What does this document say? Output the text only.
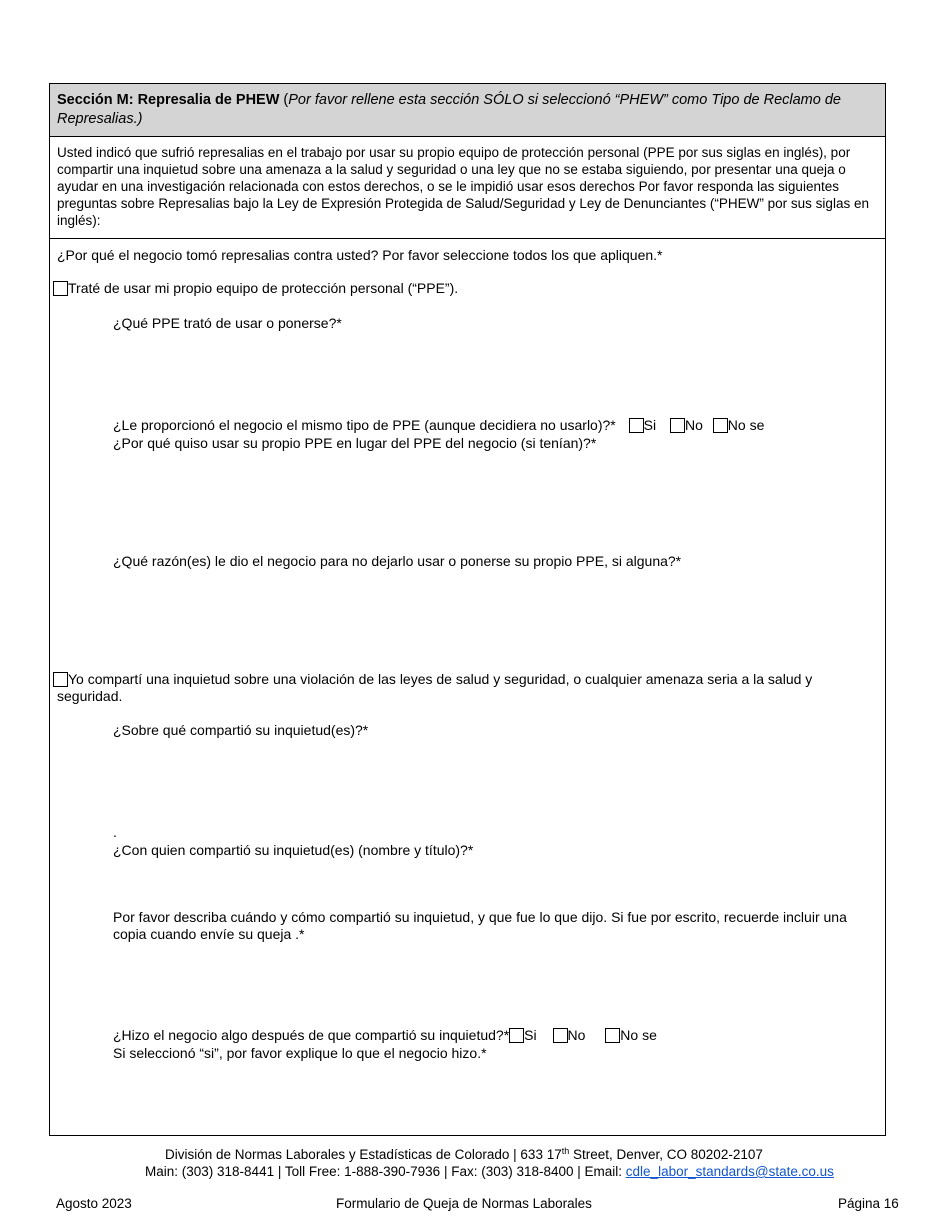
Sección M: Represalia de PHEW (Por favor rellene esta sección SÓLO si seleccionó “PHEW” como Tipo de Reclamo de Represalias.)
Usted indicó que sufrió represalias en el trabajo por usar su propio equipo de protección personal (PPE por sus siglas en inglés), por compartir una inquietud sobre una amenaza a la salud y seguridad o una ley que no se estaba siguiendo, por presentar una queja o ayudar en una investigación relacionada con estos derechos, o se le impidió usar esos derechos Por favor responda las siguientes preguntas sobre Represalias bajo la Ley de Expresión Protegida de Salud/Seguridad y Ley de Denunciantes (“PHEW” por sus siglas en inglés):
¿Por qué el negocio tomó represalias contra usted? Por favor seleccione todos los que apliquen.*
Traté de usar mi propio equipo de protección personal (“PPE”).
¿Qué PPE trató de usar o ponerse?*
¿Le proporcionó el negocio el mismo tipo de PPE (aunque decidiera no usarlo)?* Si No No se
¿Por qué quiso usar su propio PPE en lugar del PPE del negocio (si tenían)?*
¿Qué razón(es) le dio el negocio para no dejarlo usar o ponerse su propio PPE, si alguna?*
Yo compartí una inquietud sobre una violación de las leyes de salud y seguridad, o cualquier amenaza seria a la salud y seguridad.
¿Sobre qué compartió su inquietud(es)?*
.
¿Con quien compartió su inquietud(es) (nombre y título)?*
Por favor describa cuándo y cómo compartió su inquietud, y que fue lo que dijo. Si fue por escrito, recuerde incluir una copia cuando envíe su queja .*
¿Hizo el negocio algo después de que compartió su inquietud?* Si No No se
Si seleccionó “si”, por favor explique lo que el negocio hizo.*
División de Normas Laborales y Estadísticas de Colorado | 633 17th Street, Denver, CO 80202-2107
Main: (303) 318-8441 | Toll Free: 1-888-390-7936 | Fax: (303) 318-8400 | Email: cdle_labor_standards@state.co.us
Agosto 2023	Formulario de Queja de Normas Laborales	Página 16
